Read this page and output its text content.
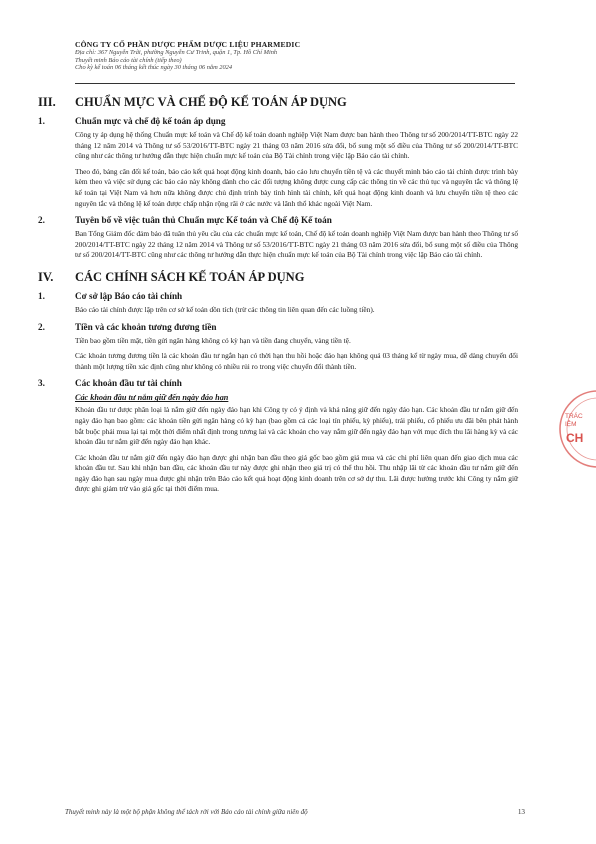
CÔNG TY CỔ PHẦN DƯỢC PHẨM DƯỢC LIỆU PHARMEDIC
Địa chỉ: 367 Nguyễn Trãi, phường Nguyễn Cư Trinh, quận 1, Tp. Hồ Chí Minh
Thuyết minh Báo cáo tài chính (tiếp theo)
Cho kỳ kế toán 06 tháng kết thúc ngày 30 tháng 06 năm 2024
III.	CHUẨN MỰC VÀ CHẾ ĐỘ KẾ TOÁN ÁP DỤNG
1.	Chuẩn mực và chế độ kế toán áp dụng
Công ty áp dụng hệ thống Chuẩn mực kế toán và Chế độ kế toán doanh nghiệp Việt Nam được ban hành theo Thông tư số 200/2014/TT-BTC ngày 22 tháng 12 năm 2014 và Thông tư số 53/2016/TT-BTC ngày 21 tháng 03 năm 2016 sửa đổi, bổ sung một số điều của Thông tư số 200/2014/TT-BTC cũng như các thông tư hướng dẫn thực hiện chuẩn mực kế toán của Bộ Tài chính trong việc lập Báo cáo tài chính.
Theo đó, bảng cân đối kế toán, báo cáo kết quả hoạt động kinh doanh, báo cáo lưu chuyển tiền tệ và các thuyết minh báo cáo tài chính được trình bày kèm theo và việc sử dụng các báo cáo này không dành cho các đối tượng không được cung cấp các thông tin về các thủ tục và nguyên tắc và thông lệ kế toán tại Việt Nam và hơn nữa không được chủ định trình bày tình hình tài chính, kết quả hoạt động kinh doanh và lưu chuyển tiền tệ theo các nguyên tắc và thông lệ kế toán được chấp nhận rộng rãi ở các nước và lãnh thổ khác ngoài Việt Nam.
2.	Tuyên bố về việc tuân thủ Chuẩn mực Kế toán và Chế độ Kế toán
Ban Tổng Giám đốc đảm bảo đã tuân thủ yêu cầu của các chuẩn mực kế toán, Chế độ kế toán doanh nghiệp Việt Nam được ban hành theo Thông tư số 200/2014/TT-BTC ngày 22 tháng 12 năm 2014 và Thông tư số 53/2016/TT-BTC ngày 21 tháng 03 năm 2016 sửa đổi, bổ sung một số điều của Thông tư số 200/2014/TT-BTC cũng như các thông tư hướng dẫn thực hiện chuẩn mực kế toán của Bộ Tài chính trong việc lập Báo cáo tài chính.
IV.	CÁC CHÍNH SÁCH KẾ TOÁN ÁP DỤNG
1.	Cơ sở lập Báo cáo tài chính
Báo cáo tài chính được lập trên cơ sở kế toán dồn tích (trừ các thông tin liên quan đến các luồng tiền).
2.	Tiền và các khoản tương đương tiền
Tiền bao gồm tiền mặt, tiền gửi ngân hàng không có kỳ hạn và tiền đang chuyển, vàng tiền tệ.
Các khoản tương đương tiền là các khoản đầu tư ngắn hạn có thời hạn thu hồi hoặc đáo hạn không quá 03 tháng kể từ ngày mua, dễ dàng chuyển đổi thành một lượng tiền xác định cũng như không có nhiều rủi ro trong việc chuyển đổi thành tiền.
3.	Các khoản đầu tư tài chính
Các khoản đầu tư nắm giữ đến ngày đáo hạn
Khoản đầu tư được phân loại là nắm giữ đến ngày đáo hạn khi Công ty có ý định và khả năng giữ đến ngày đáo hạn. Các khoản đầu tư nắm giữ đến ngày đáo hạn bao gồm: các khoản tiền gửi ngân hàng có kỳ hạn (bao gồm cả các loại tín phiếu, kỳ phiếu), trái phiếu, cổ phiếu ưu đãi bên phát hành bắt buộc phải mua lại tại một thời điểm nhất định trong tương lai và các khoản cho vay nắm giữ đến ngày đáo hạn với mục đích thu lãi hàng kỳ và các khoản đầu tư nắm giữ đến ngày đáo hạn khác.
Các khoản đầu tư nắm giữ đến ngày đáo hạn được ghi nhận ban đầu theo giá gốc bao gồm giá mua và các chi phí liên quan đến giao dịch mua các khoản đầu tư. Sau khi nhận ban đầu, các khoản đầu tư này được ghi nhận theo giá trị có thể thu hồi. Thu nhập lãi từ các khoản đầu tư nắm giữ đến ngày đáo hạn sau ngày mua được ghi nhận trên Báo cáo kết quả hoạt động kinh doanh trên cơ sở dự thu. Lãi được hưởng trước khi Công ty nắm giữ được ghi giảm trừ vào giá gốc tại thời điểm mua.
TRÁC
IỆM
CH
Thuyết minh này là một bộ phận không thể tách rời với Báo cáo tài chính giữa niên độ	13
